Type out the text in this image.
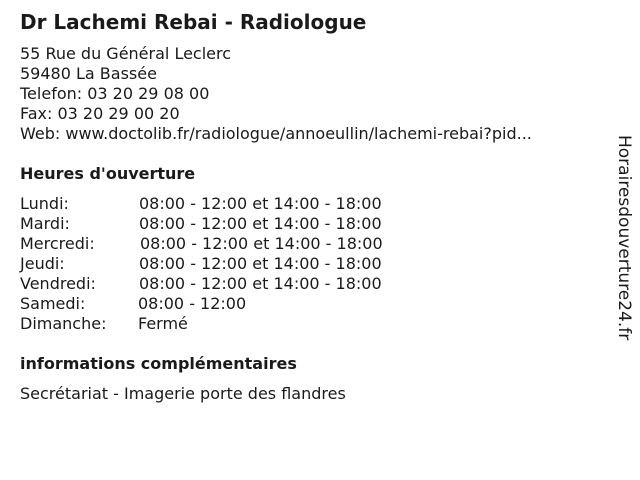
Dr Lachemi Rebai - Radiologue
55 Rue du Général Leclerc
59480 La Bassée
Telefon: 03 20 29 08 00
Fax: 03 20 29 00 20
Web: www.doctolib.fr/radiologue/annoeullin/lachemi-rebai?pid...
Heures d'ouverture
Lundi:	08:00 - 12:00 et 14:00 - 18:00
Mardi:	08:00 - 12:00 et 14:00 - 18:00
Mercredi:	08:00 - 12:00 et 14:00 - 18:00
Jeudi:	08:00 - 12:00 et 14:00 - 18:00
Vendredi:	08:00 - 12:00 et 14:00 - 18:00
Samedi:	08:00 - 12:00
Dimanche: Fermé
informations complémentaires
Secrétariat - Imagerie porte des flandres
Horairesdouverture24.fr
